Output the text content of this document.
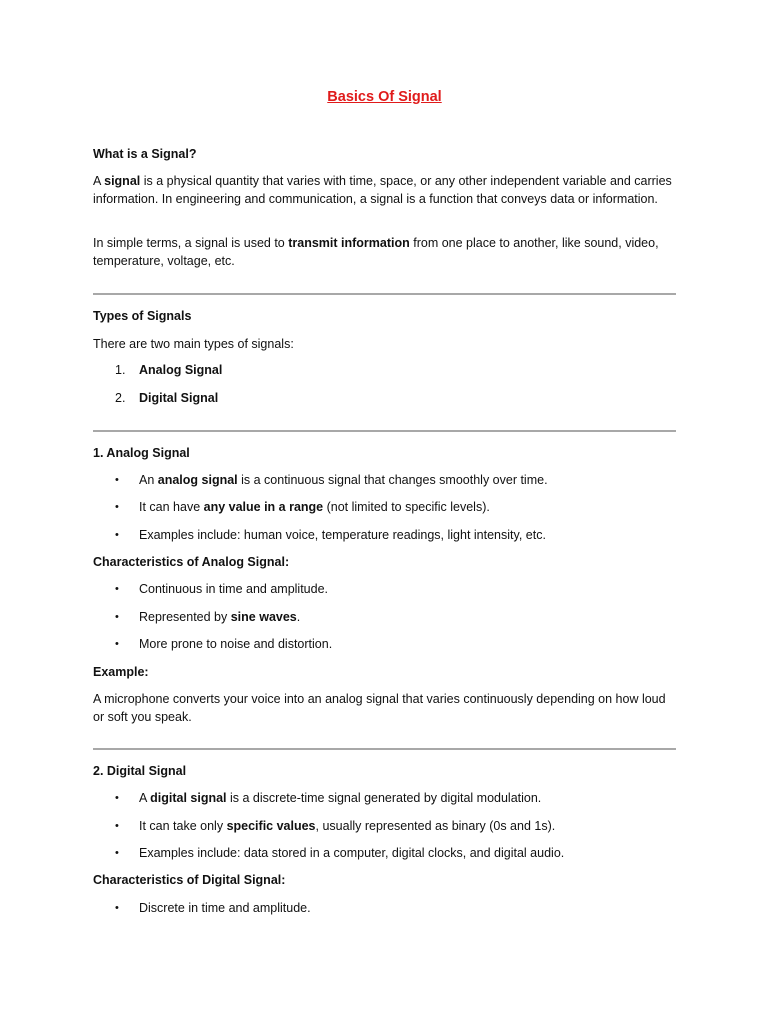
Basics Of Signal

What is a Signal?

A signal is a physical quantity that varies with time, space, or any other independent variable and carries information. In engineering and communication, a signal is a function that conveys data or information.

In simple terms, a signal is used to transmit information from one place to another, like sound, video, temperature, voltage, etc.

Types of Signals

There are two main types of signals:

1.	Analog Signal

2.	Digital Signal

1. Analog Signal

•	An analog signal is a continuous signal that changes smoothly over time.

•	It can have any value in a range (not limited to specific levels).

•	Examples include: human voice, temperature readings, light intensity, etc.

Characteristics of Analog Signal:

•	Continuous in time and amplitude.

•	Represented by sine waves.

•	More prone to noise and distortion.

Example:

A microphone converts your voice into an analog signal that varies continuously depending on how loud or soft you speak.

2. Digital Signal

•	A digital signal is a discrete-time signal generated by digital modulation.

•	It can take only specific values, usually represented as binary (0s and 1s).

•	Examples include: data stored in a computer, digital clocks, and digital audio.

Characteristics of Digital Signal:

•	Discrete in time and amplitude.
